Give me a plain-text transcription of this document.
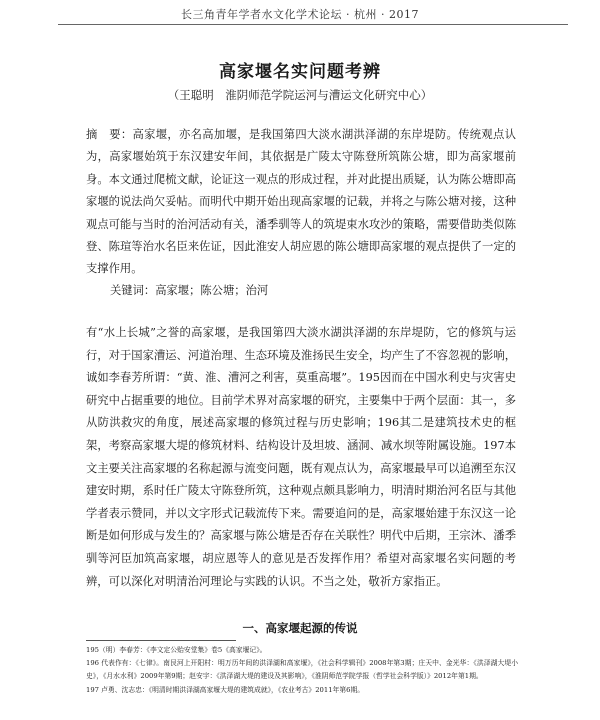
长三角青年学者水文化学术论坛 · 杭州 · 2017
高家堰名实问题考辨
（王聪明　淮阴师范学院运河与漕运文化研究中心）

摘　要：高家堰，亦名高加堰，是我国第四大淡水湖洪泽湖的东岸堤防。传统观点认为，高家堰始筑于东汉建安年间，其依据是广陵太守陈登所筑陈公塘，即为高家堰前身。本文通过爬梳文献，论证这一观点的形成过程，并对此提出质疑，认为陈公塘即高家堰的说法尚欠妥帖。而明代中期开始出现高家堰的记载，并将之与陈公塘对接，这种观点可能与当时的治河活动有关，潘季驯等人的筑堤束水攻沙的策略，需要借助类似陈登、陈瑄等治水名臣来佐证，因此淮安人胡应恩的陈公塘即高家堰的观点提供了一定的支撑作用。

关键词：高家堰；陈公塘；治河

有“水上长城”之誉的高家堰，是我国第四大淡水湖洪泽湖的东岸堤防，它的修筑与运行，对于国家漕运、河道治理、生态环境及淮扬民生安全，均产生了不容忽视的影响，诚如李春芳所谓：“黄、淮、漕河之利害，莫重高堰”。195因而在中国水利史与灾害史研究中占据重要的地位。目前学术界对高家堰的研究，主要集中于两个层面：其一，多从防洪救灾的角度，展述高家堰的修筑过程与历史影响；196其二是建筑技术史的框架，考察高家堰大堤的修筑材料、结构设计及坦坡、涵洞、减水坝等附属设施。197本文主要关注高家堰的名称起源与流变问题，既有观点认为，高家堰最早可以追溯至东汉建安时期，系时任广陵太守陈登所筑，这种观点颇具影响力，明清时期治河名臣与其他学者表示赞同，并以文字形式记载流传下来。需要追问的是，高家堰始建于东汉这一论断是如何形成与发生的？高家堰与陈公塘是否存在关联性？明代中后期，王宗沐、潘季驯等河臣加筑高家堰，胡应恩等人的意见是否发挥作用？希望对高家堰名实问题的考辨，可以深化对明清治河理论与实践的认识。不当之处，敬祈方家指正。

一、高家堰起源的传说

195（明）李春芳：《李文定公贻安堂集》卷5《高家堰记》。

196 代表作有：《七律》。南艮河上开阳村：明万历年间的洪泽湖和高家堰》，《社会科学辑刊》2008年第3期；庄天中、金光华：《洪泽湖大堤小史》，《月水水利》2009年第9期；赵安宇：《洪泽湖大堤的建设及其影响》，《淮阴师范学院学报（哲学社会科学版）》2012年第1期。

197 卢勇、沈志忠：《明清时期洪泽湖高家堰大堤的建筑成就》，《农业考古》2011年第6期。
